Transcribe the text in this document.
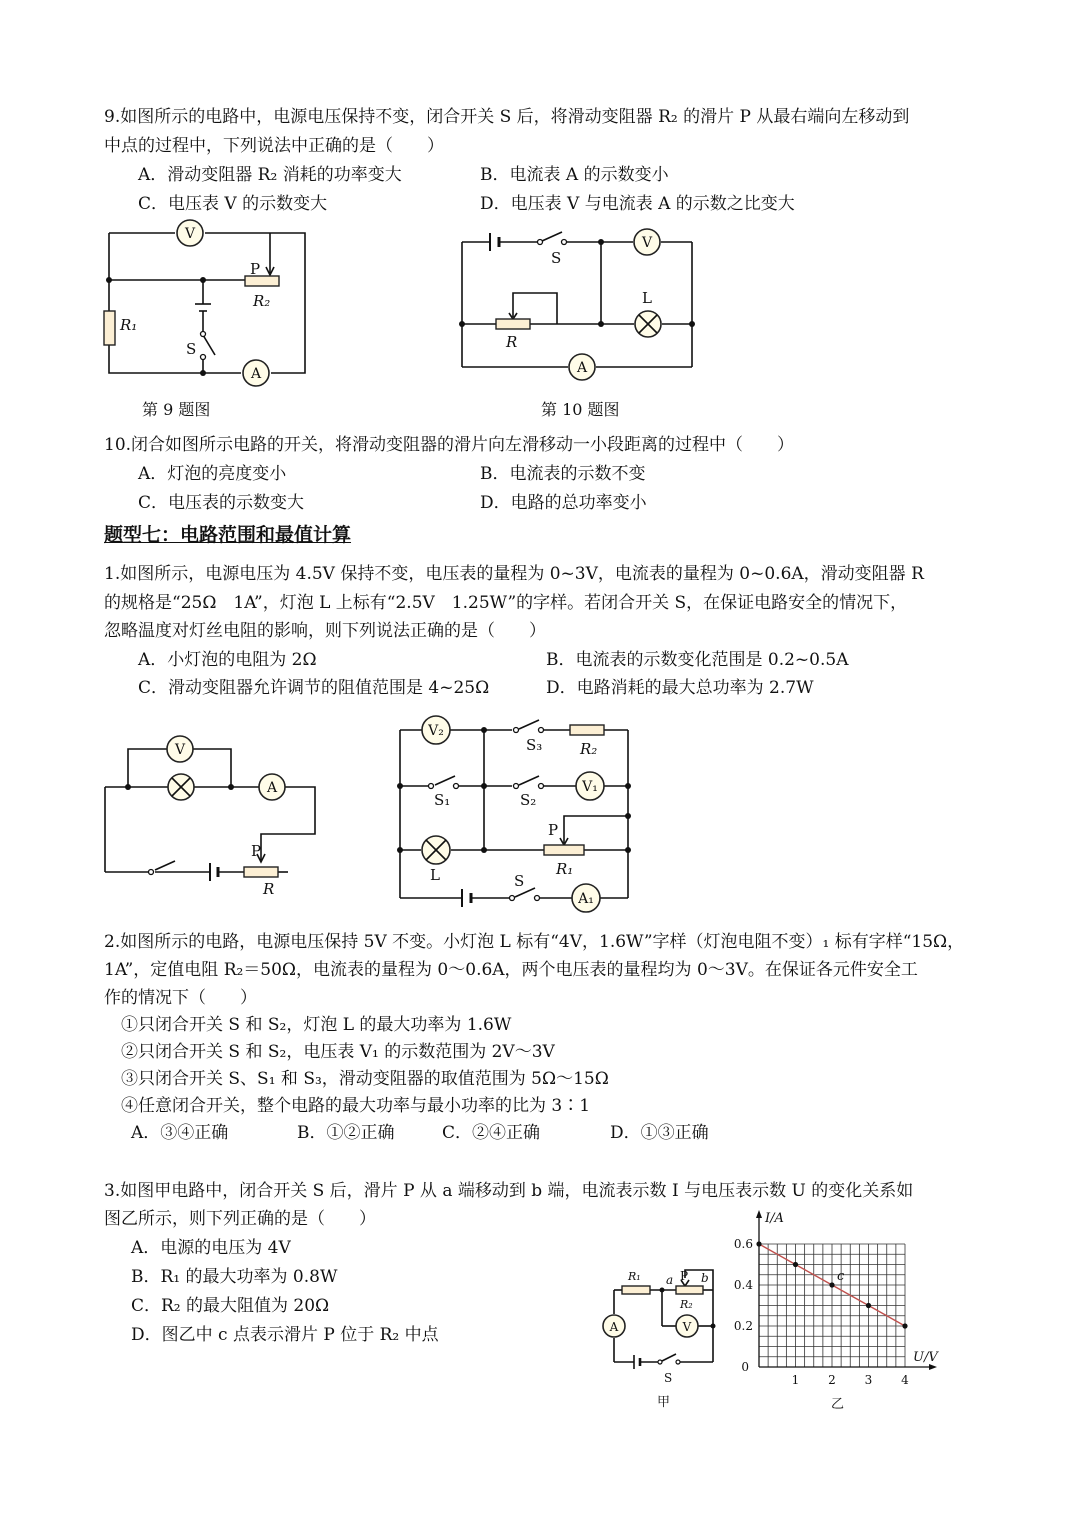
9.如图所示的电路中，电源电压保持不变，闭合开关 S 后，将滑动变阻器 R₂ 的滑片 P 从最右端向左移动到
中点的过程中，下列说法中正确的是（　　）
A．滑动变阻器 R₂ 消耗的功率变大	B．电流表 A 的示数变小
C．电压表 V 的示数变大	D．电压表 V 与电流表 A 的示数之比变大
V
A
P
R₂
R₁
S
第 9 题图
V
A
S
L
R
第 10 题图
10.闭合如图所示电路的开关，将滑动变阻器的滑片向左滑移动一小段距离的过程中（　　）
A．灯泡的亮度变小	B．电流表的示数不变
C．电压表的示数变大	D．电路的总功率变小
题型七：电路范围和最值计算
1.如图所示，电源电压为 4.5V 保持不变，电压表的量程为 0~3V，电流表的量程为 0~0.6A，滑动变阻器 R
的规格是“25Ω　1A”，灯泡 L 上标有“2.5V　1.25W”的字样。若闭合开关 S，在保证电路安全的情况下，
忽略温度对灯丝电阻的影响，则下列说法正确的是（　　）
A．小灯泡的电阻为 2Ω	B．电流表的示数变化范围是 0.2~0.5A
C．滑动变阻器允许调节的阻值范围是 4~25Ω	D．电路消耗的最大总功率为 2.7W
V
A
P
R
V₂
V₁
A₁
S₃	R₂
S₁	S₂
P
R₁
L	S
2.如图所示的电路，电源电压保持 5V 不变。小灯泡 L 标有“4V，1.6W”字样（灯泡电阻不变）₁ 标有字样“15Ω，
1A”，定值电阻 R₂＝50Ω，电流表的量程为 0～0.6A，两个电压表的量程均为 0～3V。在保证各元件安全工
作的情况下（　　）
①只闭合开关 S 和 S₂，灯泡 L 的最大功率为 1.6W
②只闭合开关 S 和 S₂，电压表 V₁ 的示数范围为 2V～3V
③只闭合开关 S、S₁ 和 S₃，滑动变阻器的取值范围为 5Ω～15Ω
④任意闭合开关，整个电路的最大功率与最小功率的比为 3∶1
A．③④正确	B．①②正确	C．②④正确	D．①③正确
3.如图甲电路中，闭合开关 S 后，滑片 P 从 a 端移动到 b 端，电流表示数 I 与电压表示数 U 的变化关系如
图乙所示，则下列正确的是（　　）
A．电源的电压为 4V
B．R₁ 的最大功率为 0.8W
C．R₂ 的最大阻值为 20Ω
D．图乙中 c 点表示滑片 P 位于 R₂ 中点	A	V
R₁ a P b
R₂
S
甲
U/V
I/A
0
1 2 3 4
0.2
0.4
0.6
c
乙
